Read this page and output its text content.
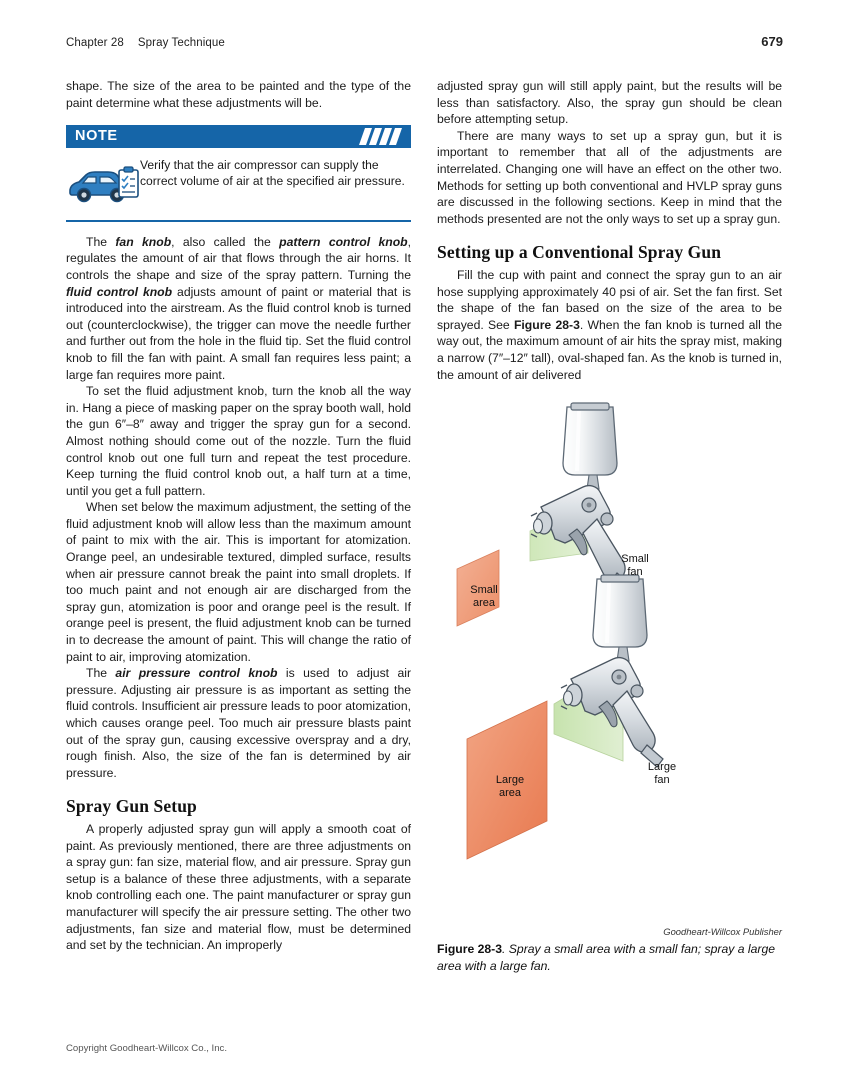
Chapter 28 Spray Technique	679

shape. The size of the area to be painted and the type of the paint determine what these adjustments will be.

NOTE
Verify that the air compressor can supply the correct volume of air at the specified air pressure.

The fan knob, also called the pattern control knob, regulates the amount of air that flows through the air horns. It controls the shape and size of the spray pattern. Turning the fluid control knob adjusts amount of paint or material that is introduced into the airstream. As the fluid control knob is turned out (counterclockwise), the trigger can move the needle further and further out from the hole in the fluid tip. Set the fluid control knob to fill the fan with paint. A small fan requires less paint; a large fan requires more paint.

To set the fluid adjustment knob, turn the knob all the way in. Hang a piece of masking paper on the spray booth wall, hold the gun 6″–8″ away and trigger the spray gun for a second. Almost nothing should come out of the nozzle. Turn the fluid control knob out one full turn and repeat the test procedure. Keep turning the fluid control knob out, a half turn at a time, until you get a full pattern.

When set below the maximum adjustment, the setting of the fluid adjustment knob will allow less than the maximum amount of paint to mix with the air. This is important for atomization. Orange peel, an undesirable textured, dimpled surface, results when air pressure cannot break the paint into small droplets. If too much paint and not enough air are discharged from the spray gun, atomization is poor and orange peel is the result. If orange peel is present, the fluid adjustment knob can be turned in to decrease the amount of paint. This will change the ratio of paint to air, improving atomization.

The air pressure control knob is used to adjust air pressure. Adjusting air pressure is as important as setting the fluid controls. Insufficient air pressure leads to poor atomization, which causes orange peel. Too much air pressure blasts paint out of the spray gun, causing excessive overspray and a dry, rough finish. Also, the size of the fan is determined by air pressure.

Spray Gun Setup

A properly adjusted spray gun will apply a smooth coat of paint. As previously mentioned, there are three adjustments on a spray gun: fan size, material flow, and air pressure. Spray gun setup is a balance of these three adjustments, with a separate knob controlling each one. The paint manufacturer or spray gun manufacturer will specify the air pressure setting. The other two adjustments, fan size and material flow, must be determined and set by the technician. An improperly

adjusted spray gun will still apply paint, but the results will be less than satisfactory. Also, the spray gun should be clean before attempting setup.

There are many ways to set up a spray gun, but it is important to remember that all of the adjustments are interrelated. Changing one will have an effect on the other two. Methods for setting up both conventional and HVLP spray guns are discussed in the following sections. Keep in mind that the methods presented are not the only ways to set up a spray gun.

Setting up a Conventional Spray Gun

Fill the cup with paint and connect the spray gun to an air hose supplying approximately 40 psi of air. Set the fan first. Set the shape of the fan based on the size of the area to be sprayed. See Figure 28-3. When the fan knob is turned all the way out, the maximum amount of air hits the spray mist, making a narrow (7″–12″ tall), oval-shaped fan. As the knob is turned in, the amount of air delivered

Small
fan
Small
area
Large
fan
Large
area
Goodheart-Willcox Publisher
Figure 28-3. Spray a small area with a small fan; spray a large area with a large fan.
Copyright Goodheart-Willcox Co., Inc.
